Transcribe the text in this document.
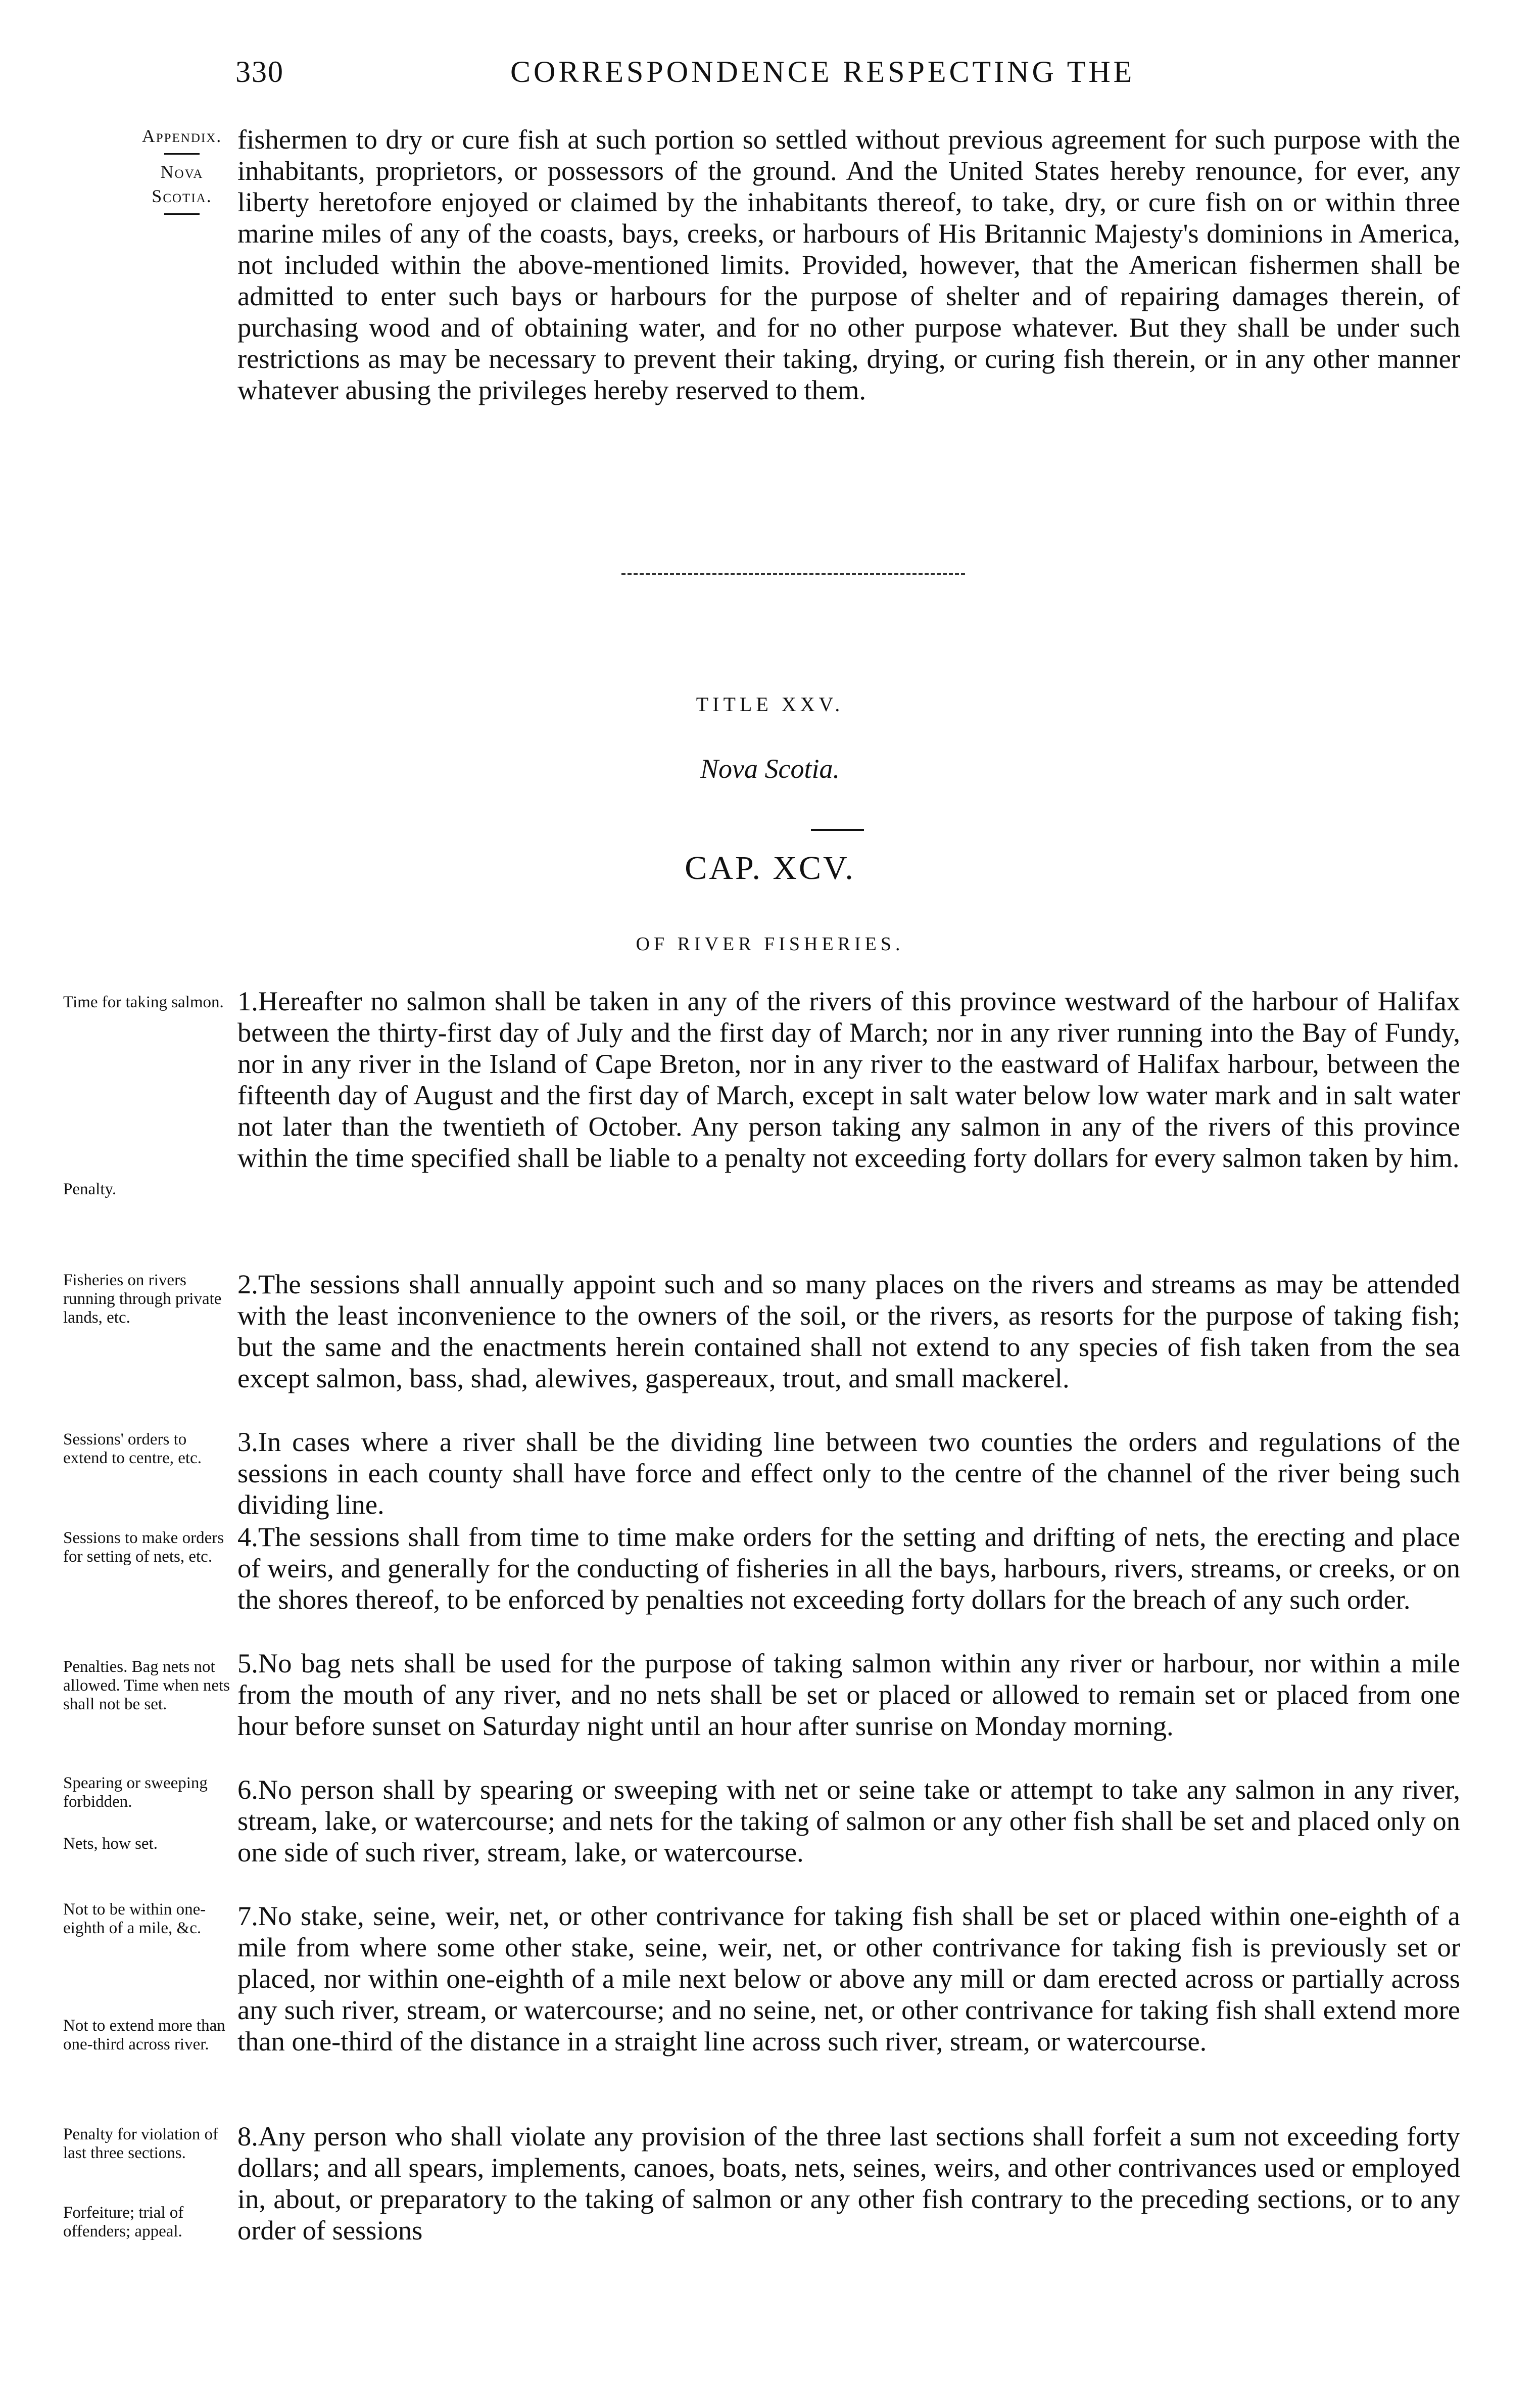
330	CORRESPONDENCE RESPECTING THE
Appendix.
Nova
Scotia.
fishermen to dry or cure fish at such portion so settled without previous agreement for such purpose with the inhabitants, proprietors, or possessors of the ground. And the United States hereby renounce, for ever, any liberty heretofore enjoyed or claimed by the inhabitants thereof, to take, dry, or cure fish on or within three marine miles of any of the coasts, bays, creeks, or harbours of His Britannic Majesty's dominions in America, not included within the above-mentioned limits. Provided, however, that the American fishermen shall be admitted to enter such bays or harbours for the purpose of shelter and of repairing damages therein, of purchasing wood and of obtaining water, and for no other purpose whatever. But they shall be under such restrictions as may be necessary to prevent their taking, drying, or curing fish therein, or in any other manner whatever abusing the privileges hereby reserved to them.
TITLE XXV.
Nova Scotia.
CAP. XCV.
OF RIVER FISHERIES.
1.Hereafter no salmon shall be taken in any of the rivers of this province westward of the harbour of Halifax between the thirty-first day of July and the first day of March; nor in any river running into the Bay of Fundy, nor in any river in the Island of Cape Breton, nor in any river to the eastward of Halifax harbour, between the fifteenth day of August and the first day of March, except in salt water below low water mark and in salt water not later than the twentieth of October. Any person taking any salmon in any of the rivers of this province within the time specified shall be liable to a penalty not exceeding forty dollars for every salmon taken by him.
2.The sessions shall annually appoint such and so many places on the rivers and streams as may be attended with the least inconvenience to the owners of the soil, or the rivers, as resorts for the purpose of taking fish; but the same and the enactments herein contained shall not extend to any species of fish taken from the sea except salmon, bass, shad, alewives, gaspereaux, trout, and small mackerel.
3.In cases where a river shall be the dividing line between two counties the orders and regulations of the sessions in each county shall have force and effect only to the centre of the channel of the river being such dividing line.
4.The sessions shall from time to time make orders for the setting and drifting of nets, the erecting and place of weirs, and generally for the conducting of fisheries in all the bays, harbours, rivers, streams, or creeks, or on the shores thereof, to be enforced by penalties not exceeding forty dollars for the breach of any such order.
5.No bag nets shall be used for the purpose of taking salmon within any river or harbour, nor within a mile from the mouth of any river, and no nets shall be set or placed or allowed to remain set or placed from one hour before sunset on Saturday night until an hour after sunrise on Monday morning.
6.No person shall by spearing or sweeping with net or seine take or attempt to take any salmon in any river, stream, lake, or watercourse; and nets for the taking of salmon or any other fish shall be set and placed only on one side of such river, stream, lake, or watercourse.
7.No stake, seine, weir, net, or other contrivance for taking fish shall be set or placed within one-eighth of a mile from where some other stake, seine, weir, net, or other contrivance for taking fish is previously set or placed, nor within one-eighth of a mile next below or above any mill or dam erected across or partially across any such river, stream, or watercourse; and no seine, net, or other contrivance for taking fish shall extend more than one-third of the distance in a straight line across such river, stream, or watercourse.
8.Any person who shall violate any provision of the three last sections shall forfeit a sum not exceeding forty dollars; and all spears, implements, canoes, boats, nets, seines, weirs, and other contrivances used or employed in, about, or preparatory to the taking of salmon or any other fish contrary to the preceding sections, or to any order of sessions
Time for taking salmon.
Penalty.
Fisheries on rivers running through private lands, etc.
Sessions' orders to extend to centre, etc.
Sessions to make orders for setting of nets, etc.
Penalties. Bag nets not allowed. Time when nets shall not be set.
Spearing or sweeping forbidden.
Nets, how set.
Not to be within one-eighth of a mile, &c.
Not to extend more than one-third across river.
Penalty for violation of last three sections.
Forfeiture; trial of offenders; appeal.
